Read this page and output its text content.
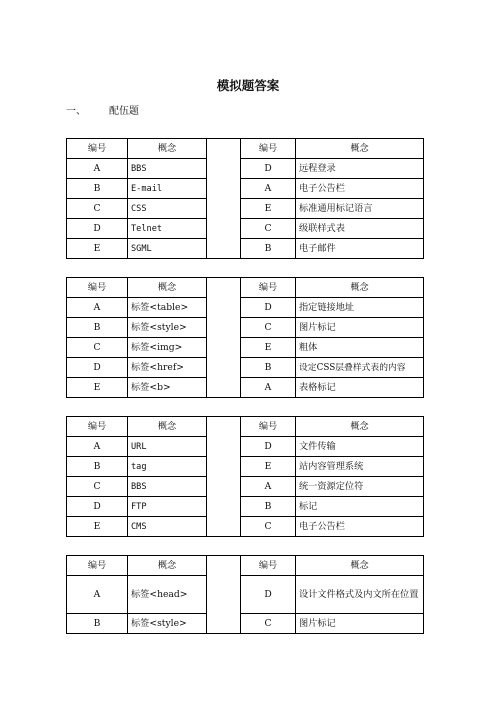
模拟题答案
一、 配伍题
编号	概念		编号	概念
A	BBS		D	远程登录
B	E-mail		A	电子公告栏
C	CSS		E	标准通用标记语言
D	Telnet		C	级联样式表
E	SGML		B	电子邮件
编号	概念		编号	概念
A	标签<table>		D	指定链接地址
B	标签<style>		C	图片标记
C	标签<img>		E	粗体
D	标签<href>		B	设定CSS层叠样式表的内容
E	标签<b>		A	表格标记
编号	概念		编号	概念
A	URL		D	文件传输
B	tag		E	站内容管理系统
C	BBS		A	统一资源定位符
D	FTP		B	标记
E	CMS		C	电子公告栏
编号	概念		编号	概念
A	标签<head>		D	设计文件格式及内文所在位置
B	标签<style>		C	图片标记
